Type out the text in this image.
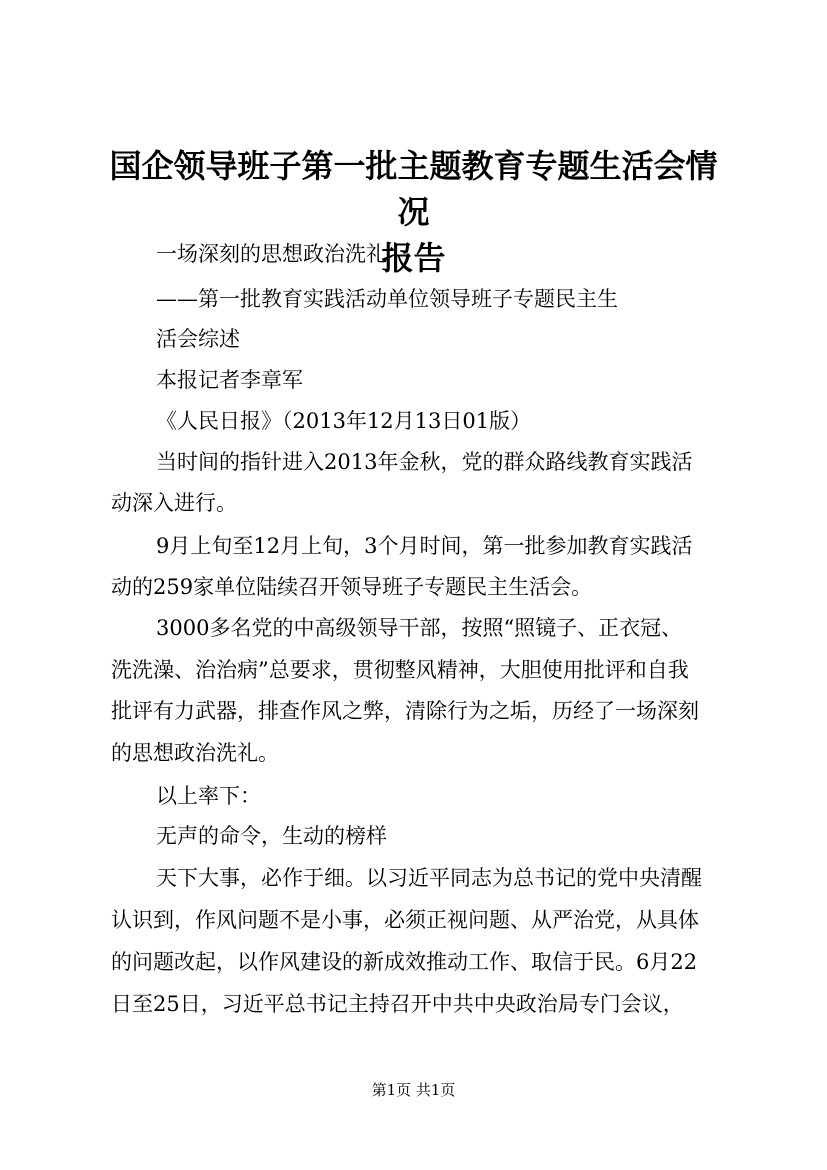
国企领导班子第一批主题教育专题生活会情况
报告
一场深刻的思想政治洗礼
——第一批教育实践活动单位领导班子专题民主生
活会综述
本报记者李章军
《人民日报》（2013年12月13日01版）
当时间的指针进入2013年金秋，党的群众路线教育实践活
动深入进行。
9月上旬至12月上旬，3个月时间，第一批参加教育实践活
动的259家单位陆续召开领导班子专题民主生活会。
3000多名党的中高级领导干部，按照“照镜子、正衣冠、
洗洗澡、治治病”总要求，贯彻整风精神，大胆使用批评和自我
批评有力武器，排查作风之弊，清除行为之垢，历经了一场深刻
的思想政治洗礼。
以上率下：
无声的命令，生动的榜样
天下大事，必作于细。以习近平同志为总书记的党中央清醒
认识到，作风问题不是小事，必须正视问题、从严治党，从具体
的问题改起，以作风建设的新成效推动工作、取信于民。6月22
日至25日，习近平总书记主持召开中共中央政治局专门会议，
第1页 共1页
